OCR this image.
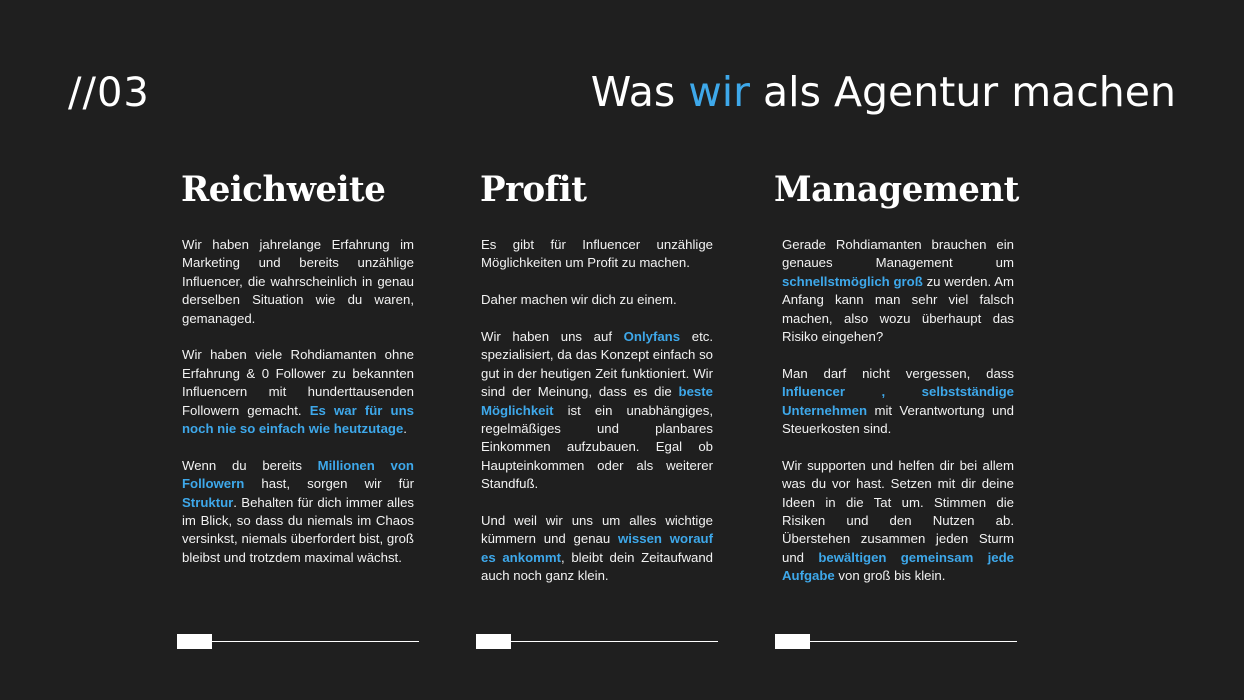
//03	Was wir als Agentur machen
Reichweite

Wir haben jahrelange Erfahrung im Marketing und bereits unzählige Influencer, die wahrscheinlich in genau derselben Situation wie du waren, gemanaged.

Wir haben viele Rohdiamanten ohne Erfahrung & 0 Follower zu bekannten Influencern mit hunderttausenden Followern gemacht. Es war für uns noch nie so einfach wie heutzutage.

Wenn du bereits Millionen von Followern hast, sorgen wir für Struktur. Behalten für dich immer alles im Blick, so dass du niemals im Chaos versinkst, niemals überfordert bist, groß bleibst und trotzdem maximal wächst.

Profit

Es gibt für Influencer unzählige Möglichkeiten um Profit zu machen.

Daher machen wir dich zu einem.

Wir haben uns auf Onlyfans etc. spezialisiert, da das Konzept einfach so gut in der heutigen Zeit funktioniert. Wir sind der Meinung, dass es die beste Möglichkeit ist ein unabhängiges, regelmäßiges und planbares Einkommen aufzubauen. Egal ob Haupteinkommen oder als weiterer Standfuß.

Und weil wir uns um alles wichtige kümmern und genau wissen worauf es ankommt, bleibt dein Zeitaufwand auch noch ganz klein.

Management

Gerade Rohdiamanten brauchen ein genaues Management um schnellstmöglich groß zu werden. Am Anfang kann man sehr viel falsch machen, also wozu überhaupt das Risiko eingehen?

Man darf nicht vergessen, dass Influencer , selbstständige Unternehmen mit Verantwortung und Steuerkosten sind.

Wir supporten und helfen dir bei allem was du vor hast. Setzen mit dir deine Ideen in die Tat um. Stimmen die Risiken und den Nutzen ab. Überstehen zusammen jeden Sturm und bewältigen gemeinsam jede Aufgabe von groß bis klein.
